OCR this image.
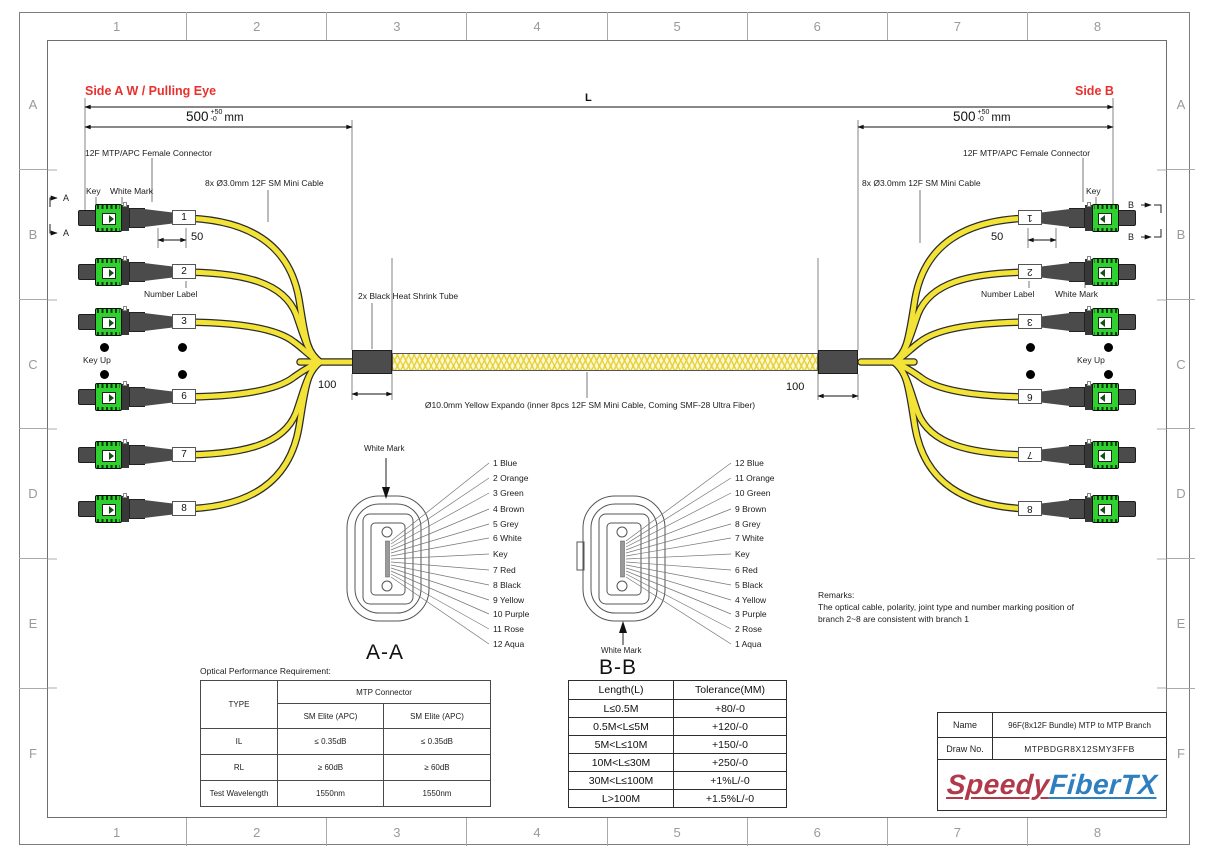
1	2	3	4	5	6	7	8
1	2	3	4	5	6	7	8
A
B
C
D
E
F
A
B
C
D
E
F
1
2
3
6
7
8
1
2
3
6
7
8
Side A W / Pulling Eye	Side B
L
500 +50
-0 mm	500 +50
-0 mm
12F MTP/APC Female Connector	12F MTP/APC Female Connector
Key White Mark	Key
8x Ø3.0mm 12F SM Mini Cable	8x Ø3.0mm 12F SM Mini Cable
50	50
Number Label	Number Label White Mark
Key Up	Key Up
2x Black Heat Shrink Tube
100	100
Ø10.0mm Yellow Expando (inner 8pcs 12F SM Mini Cable, Coming SMF-28 Ultra Fiber)
A
A
B
B
White Mark
White Mark
A-A
B-B
1 Blue
2 Orange
3 Green
4 Brown
5 Grey
6 White
Key
7 Red
8 Black
9 Yellow
10 Purple
11 Rose
12 Aqua
12 Blue
11 Orange
10 Green
9 Brown
8 Grey
7 White
Key
6 Red
5 Black
4 Yellow
3 Purple
2 Rose
1 Aqua
Remarks:
The optical cable, polarity, joint type and number marking position of
branch 2~8 are consistent with branch 1
Optical Performance Requirement:
TYPE	MTP Connector	
	SM Elite (APC)	SM Elite (APC)
IL	≤ 0.35dB	≤ 0.35dB
RL	≥ 60dB	≥ 60dB
Test Wavelength	1550nm	1550nm
Length(L)	Tolerance(MM)
L≤0.5M	+80/-0
0.5M<L≤5M	+120/-0
5M<L≤10M	+150/-0
10M<L≤30M	+250/-0
30M<L≤100M	+1%L/-0
L>100M	+1.5%L/-0
Name	96F(8x12F Bundle) MTP to MTP Branch
Draw No.	MTPBDGR8X12SMY3FFB
SpeedyFiberTX
